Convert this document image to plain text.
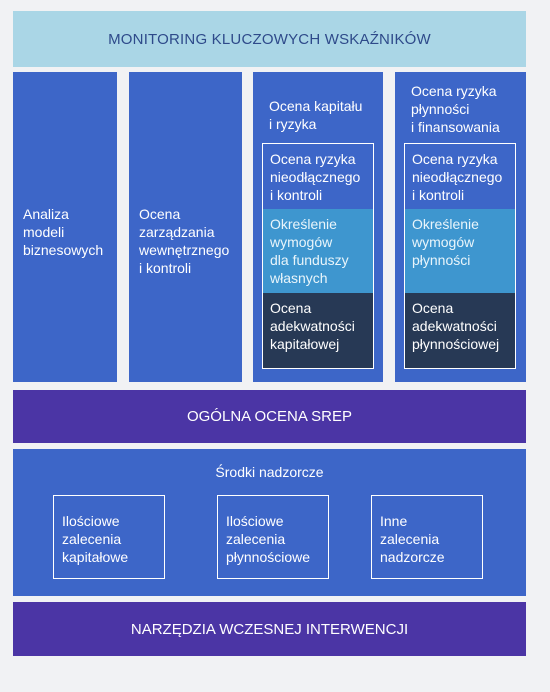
MONITORING KLUCZOWYCH WSKAŹNIKÓW
Analiza
modeli
biznesowych
Ocena
zarządzania
wewnętrznego
i kontroli
Ocena kapitału
i ryzyka
Ocena ryzyka
nieodłącznego
i kontroli
Określenie
wymogów
dla funduszy
własnych
Ocena
adekwatności
kapitałowej
Ocena ryzyka
płynności
i finansowania
Ocena ryzyka
nieodłącznego
i kontroli
Określenie
wymogów
płynności
Ocena
adekwatności
płynnościowej
OGÓLNA OCENA SREP
Środki nadzorcze
Ilościowe
zalecenia
kapitałowe
Ilościowe
zalecenia
płynnościowe
Inne
zalecenia
nadzorcze
NARZĘDZIA WCZESNEJ INTERWENCJI
